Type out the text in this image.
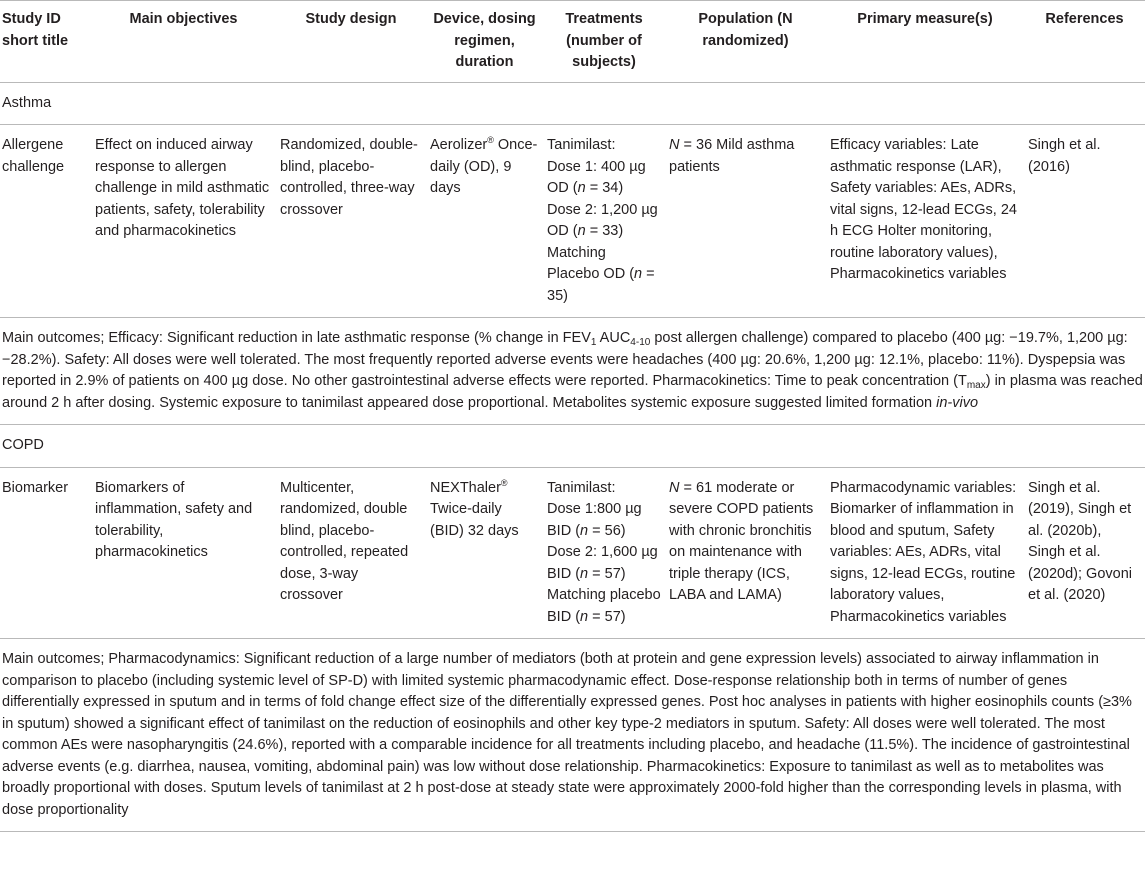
Study ID short title	Main objectives	Study design	Device, dosing regimen, duration	Treatments (number of subjects)	Population (N randomized)	Primary measure(s)	References
Asthma							
Allergene challenge	Effect on induced airway response to allergen challenge in mild asthmatic patients, safety, tolerability and pharmacokinetics	Randomized, double-blind, placebo-controlled, three-way crossover	Aerolizer® Once-daily (OD), 9 days	Tanimilast:
Dose 1: 400 µg OD (n = 34)
Dose 2: 1,200 µg OD (n = 33)
Matching Placebo OD (n = 35)	N = 36 Mild asthma patients	Efficacy variables: Late asthmatic response (LAR), Safety variables: AEs, ADRs, vital signs, 12-lead ECGs, 24 h ECG Holter monitoring, routine laboratory values), Pharmacokinetics variables	Singh et al. (2016)
Main outcomes; Efficacy: Significant reduction in late asthmatic response (% change in $FEV_1$ $AUC_{4-10}$ post allergen challenge) compared to placebo (400 µg: −19.7%, 1,200 µg: −28.2%). Safety: All doses were well tolerated. The most frequently reported adverse events were headaches (400 µg: 20.6%, 1,200 µg: 12.1%, placebo: 11%). Dyspepsia was reported in 2.9% of patients on 400 µg dose. No other gastrointestinal adverse effects were reported. Pharmacokinetics: Time to peak concentration $(T_{max})$ in plasma was reached around 2 h after dosing. Systemic exposure to tanimilast appeared dose proportional. Metabolites systemic exposure suggested limited formation in-vivo							
COPD							
Biomarker	Biomarkers of inflammation, safety and tolerability, pharmacokinetics	Multicenter, randomized, double blind, placebo-controlled, repeated dose, 3-way crossover	NEXThaler® Twice-daily (BID) 32 days	Tanimilast:
Dose 1:800 µg BID (n = 56)
Dose 2: 1,600 µg BID (n = 57)
Matching placebo BID (n = 57)	N = 61 moderate or severe COPD patients with chronic bronchitis on maintenance with triple therapy (ICS, LABA and LAMA)	Pharmacodynamic variables: Biomarker of inflammation in blood and sputum, Safety variables: AEs, ADRs, vital signs, 12-lead ECGs, routine laboratory values, Pharmacokinetics variables	Singh et al. (2019), Singh et al. (2020b), Singh et al. (2020d); Govoni et al. (2020)
Main outcomes; Pharmacodynamics: Significant reduction of a large number of mediators (both at protein and gene expression levels) associated to airway inflammation in comparison to placebo (including systemic level of SP-D) with limited systemic pharmacodynamic effect. Dose-response relationship both in terms of number of genes differentially expressed in sputum and in terms of fold change effect size of the differentially expressed genes. Post hoc analyses in patients with higher eosinophils counts (≥3% in sputum) showed a significant effect of tanimilast on the reduction of eosinophils and other key type-2 mediators in sputum. Safety: All doses were well tolerated. The most common AEs were nasopharyngitis (24.6%), reported with a comparable incidence for all treatments including placebo, and headache (11.5%). The incidence of gastrointestinal adverse events (e.g. diarrhea, nausea, vomiting, abdominal pain) was low without dose relationship. Pharmacokinetics: Exposure to tanimilast as well as to metabolites was broadly proportional with doses. Sputum levels of tanimilast at 2 h post-dose at steady state were approximately 2000-fold higher than the corresponding levels in plasma, with dose proportionality							
